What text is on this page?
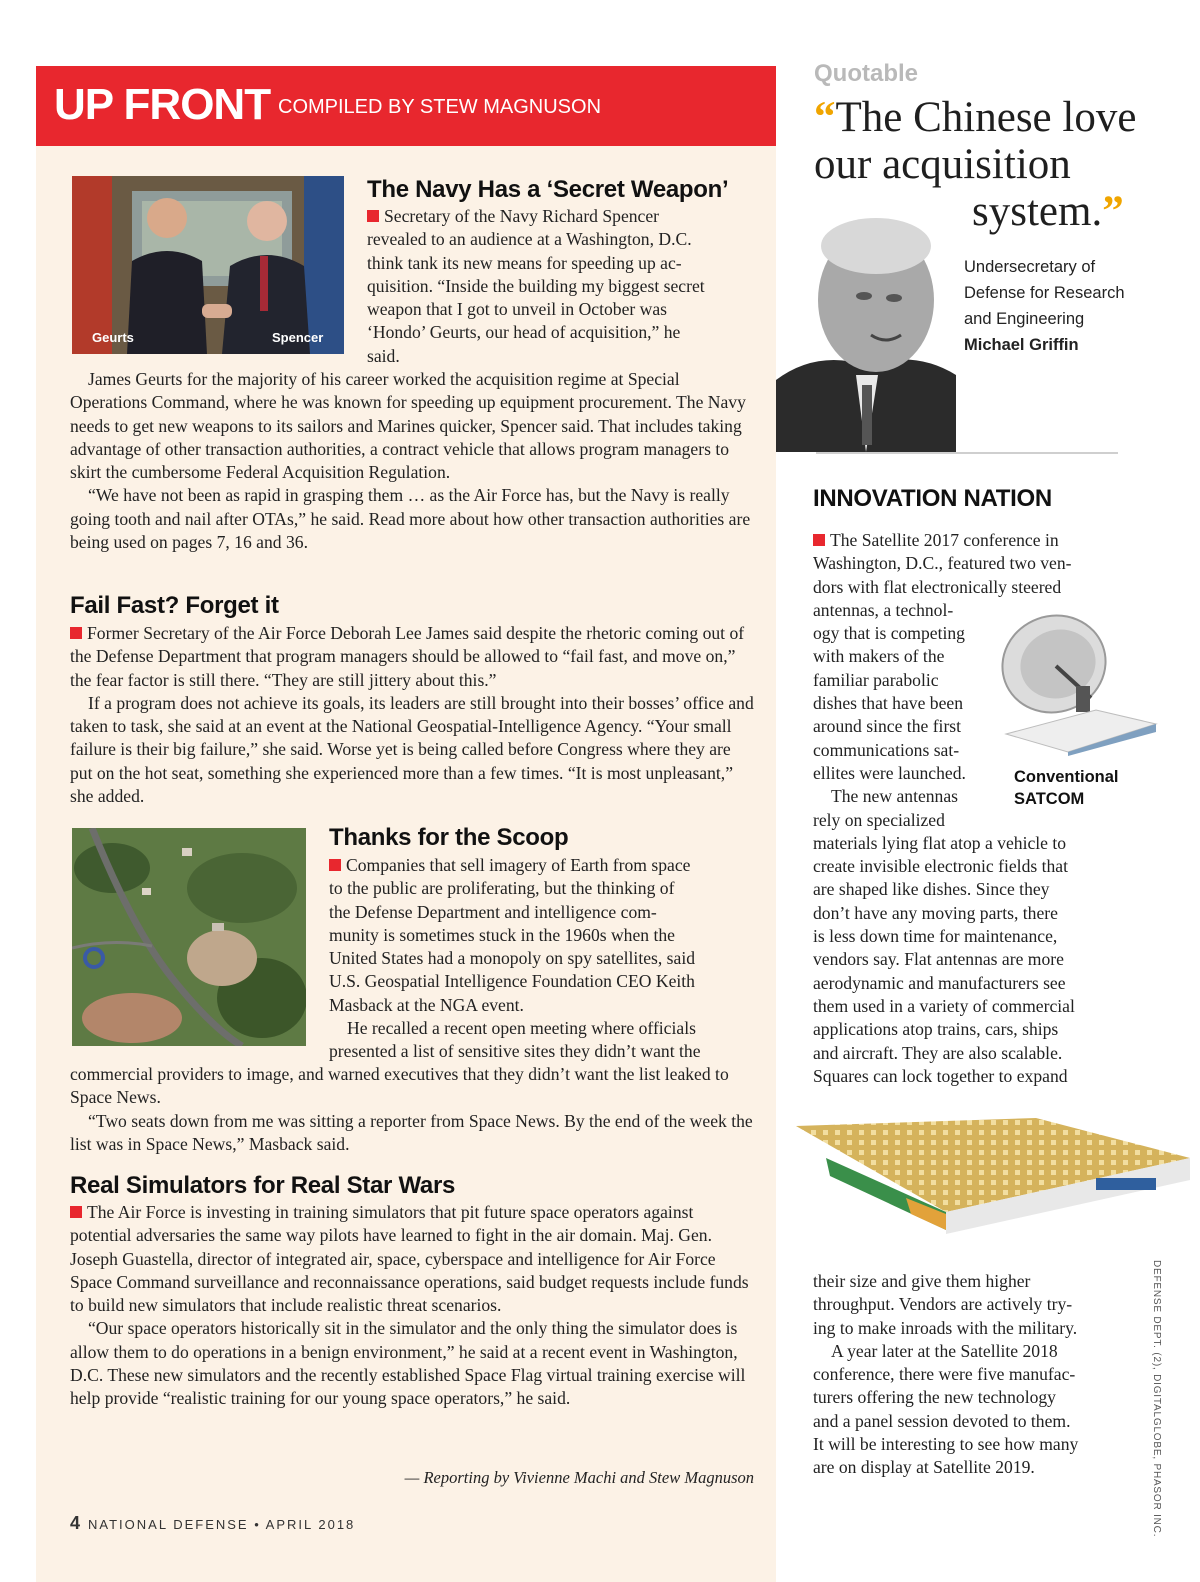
UP FRONT COMPILED BY STEW MAGNUSON
Geurts	Spencer
The Navy Has a ‘Secret Weapon’
Secretary of the Navy Richard Spencer
revealed to an audience at a Washington, D.C.
think tank its new means for speeding up ac-
quisition. “Inside the building my biggest secret
weapon that I got to unveil in October was
‘Hondo’ Geurts, our head of acquisition,” he
said.

James Geurts for the majority of his career worked the acquisition regime at Special Operations Command, where he was known for speeding up equipment procurement. The Navy needs to get new weapons to its sailors and Marines quicker, Spencer said. That includes taking advantage of other transaction authorities, a contract vehicle that allows program managers to skirt the cumbersome Federal Acquisition Regulation.

“We have not been as rapid in grasping them … as the Air Force has, but the Navy is really going tooth and nail after OTAs,” he said. Read more about how other transaction authorities are being used on pages 7, 16 and 36.

Fail Fast? Forget it

Former Secretary of the Air Force Deborah Lee James said despite the rhetoric coming out of the Defense Department that program managers should be allowed to “fail fast, and move on,” the fear factor is still there. “They are still jittery about this.”

If a program does not achieve its goals, its leaders are still brought into their bosses’ office and taken to task, she said at an event at the National Geospatial-Intelligence Agency. “Your small failure is their big failure,” she said. Worse yet is being called before Congress where they are put on the hot seat, something she experienced more than a few times. “It is most unpleasant,” she added.

Thanks for the Scoop
Companies that sell imagery of Earth from space
to the public are proliferating, but the thinking of
the Defense Department and intelligence com-
munity is sometimes stuck in the 1960s when the
United States had a monopoly on spy satellites, said
U.S. Geospatial Intelligence Foundation CEO Keith
Masback at the NGA event.
He recalled a recent open meeting where officials
presented a list of sensitive sites they didn’t want the

commercial providers to image, and warned executives that they didn’t want the list leaked to Space News.

“Two seats down from me was sitting a reporter from Space News. By the end of the week the list was in Space News,” Masback said.

Real Simulators for Real Star Wars

The Air Force is investing in training simulators that pit future space operators against potential adversaries the same way pilots have learned to fight in the air domain. Maj. Gen. Joseph Guastella, director of integrated air, space, cyberspace and intelligence for Air Force Space Command surveillance and reconnaissance operations, said budget requests include funds to build new simulators that include realistic threat scenarios.

“Our space operators historically sit in the simulator and the only thing the simulator does is allow them to do operations in a benign environment,” he said at a recent event in Washington, D.C. These new simulators and the recently established Space Flag virtual training exercise will help provide “realistic training for our young space operators,” he said.

— Reporting by Vivienne Machi and Stew Magnuson
4 NATIONAL DEFENSE • APRIL 2018
Quotable
“The Chinese love
our acquisition
system.”
Undersecretary of
Defense for Research
and Engineering
Michael Griffin
INNOVATION NATION
The Satellite 2017 conference in
Washington, D.C., featured two ven-
dors with flat electronically steered
antennas, a technol-
ogy that is competing
with makers of the
familiar parabolic
dishes that have been
around since the first
communications sat-
ellites were launched.
The new antennas
rely on specialized
materials lying flat atop a vehicle to
create invisible electronic fields that
are shaped like dishes. Since they
don’t have any moving parts, there
is less down time for maintenance,
vendors say. Flat antennas are more
aerodynamic and manufacturers see
them used in a variety of commercial
applications atop trains, cars, ships
and aircraft. They are also scalable.
Squares can lock together to expand
Conventional
SATCOM
their size and give them higher
throughput. Vendors are actively try-
ing to make inroads with the military.
A year later at the Satellite 2018
conference, there were five manufac-
turers offering the new technology
and a panel session devoted to them.
It will be interesting to see how many
are on display at Satellite 2019.	DEFENSE DEPT. (2), DIGITALGLOBE, PHASOR INC.
